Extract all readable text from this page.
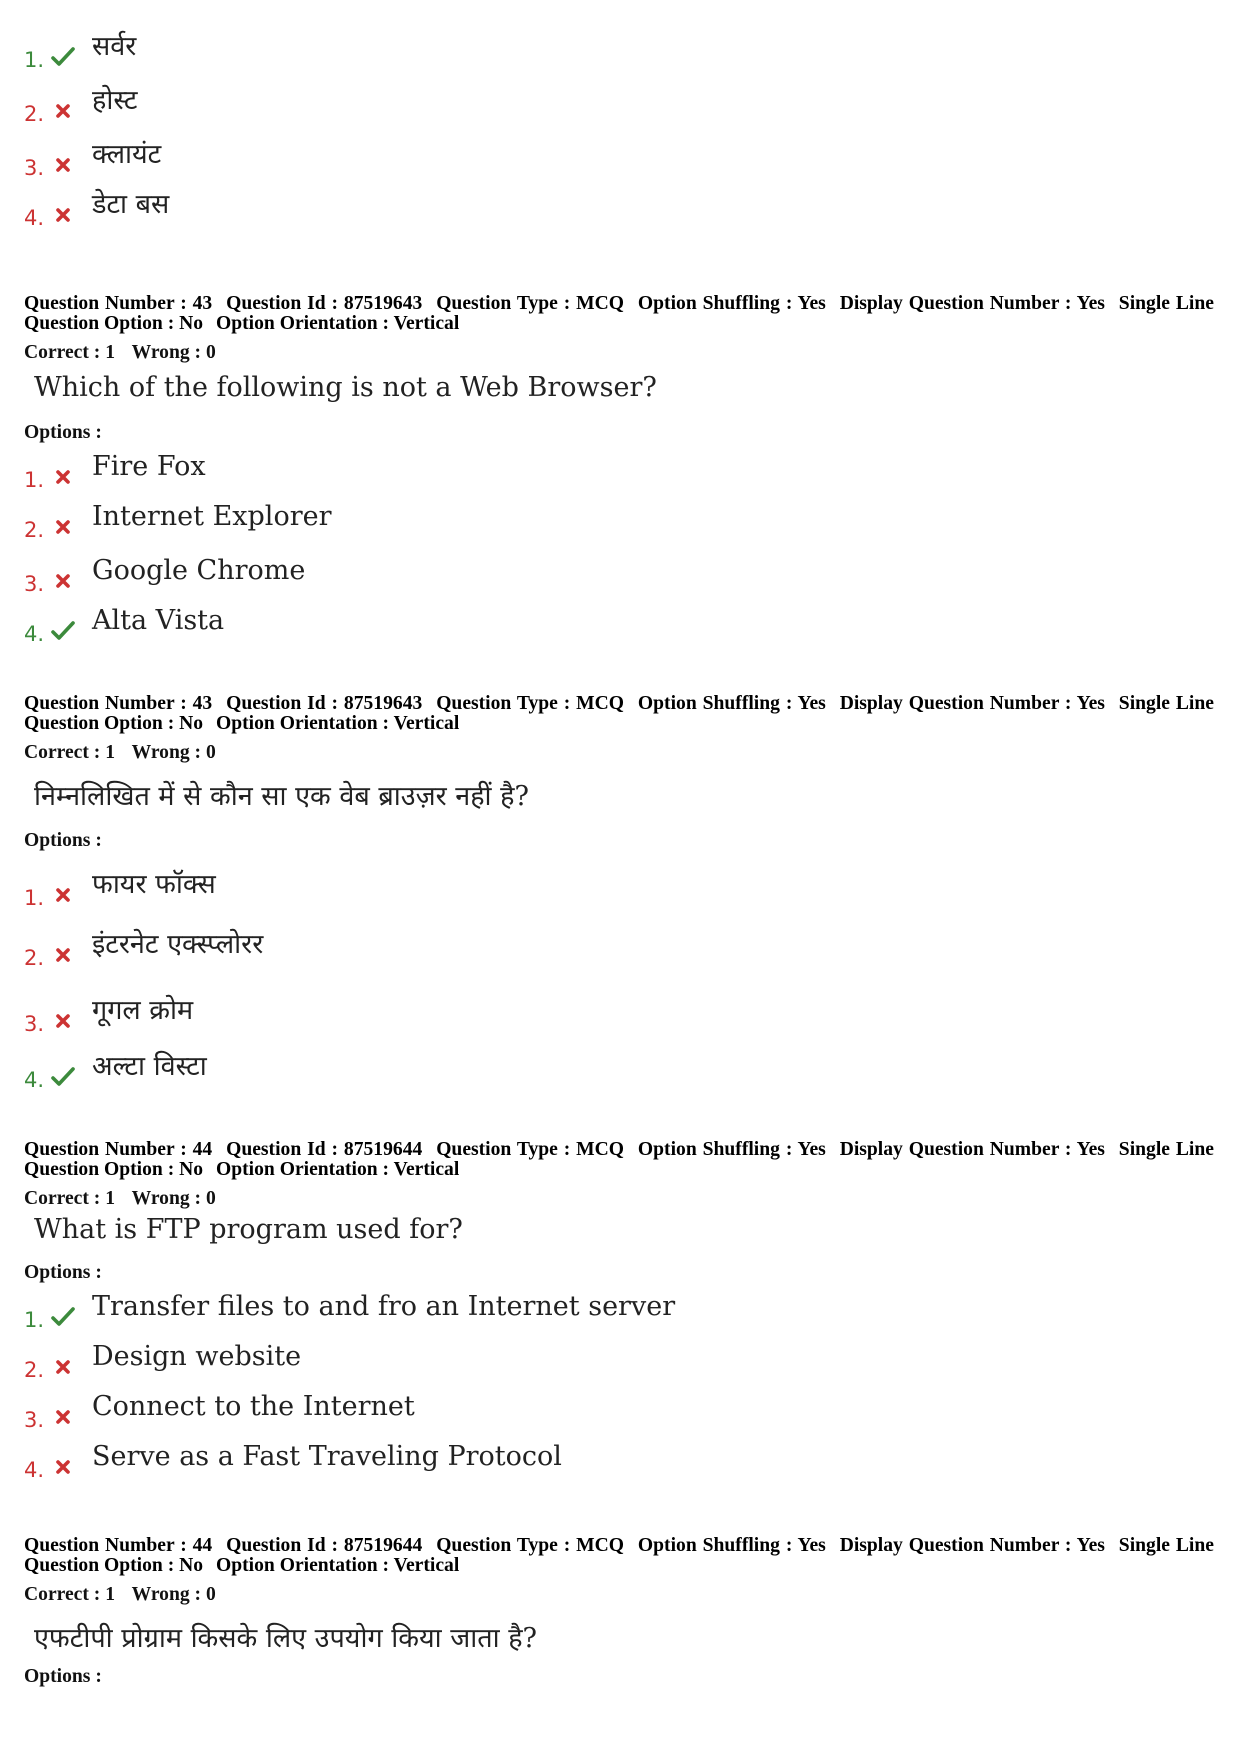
1. सर्वर
2. होस्ट
3. क्लायंट
4. डेटा बस
Question Number : 43 Question Id : 87519643 Question Type : MCQ Option Shuffling : Yes Display Question Number : Yes Single Line Question Option : No Option Orientation : Vertical
Correct : 1 Wrong : 0
Which of the following is not a Web Browser?
Options :
1. Fire Fox
2. Internet Explorer
3. Google Chrome
4. Alta Vista
Question Number : 43 Question Id : 87519643 Question Type : MCQ Option Shuffling : Yes Display Question Number : Yes Single Line Question Option : No Option Orientation : Vertical
Correct : 1 Wrong : 0
निम्नलिखित में से कौन सा एक वेब ब्राउज़र नहीं है?
Options :
1. फायर फॉक्स
2. इंटरनेट एक्स्प्लोरर
3. गूगल क्रोम
4. अल्टा विस्टा
Question Number : 44 Question Id : 87519644 Question Type : MCQ Option Shuffling : Yes Display Question Number : Yes Single Line Question Option : No Option Orientation : Vertical
Correct : 1 Wrong : 0
What is FTP program used for?
Options :
1. Transfer files to and fro an Internet server
2. Design website
3. Connect to the Internet
4. Serve as a Fast Traveling Protocol
Question Number : 44 Question Id : 87519644 Question Type : MCQ Option Shuffling : Yes Display Question Number : Yes Single Line Question Option : No Option Orientation : Vertical
Correct : 1 Wrong : 0
एफटीपी प्रोग्राम किसके लिए उपयोग किया जाता है?
Options :
